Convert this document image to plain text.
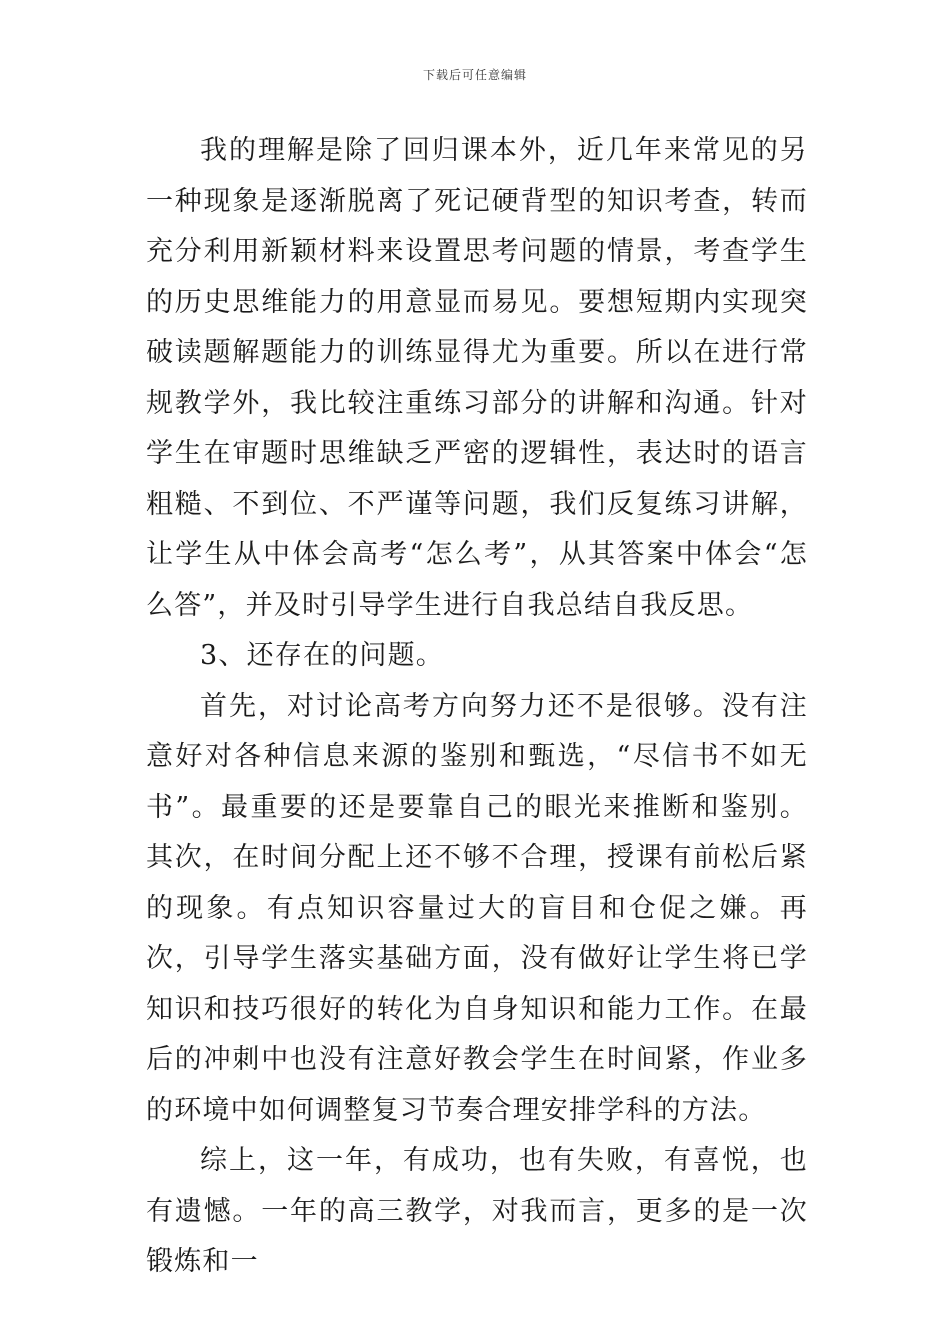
下载后可任意编辑

我的理解是除了回归课本外，近几年来常见的另一种现象是逐渐脱离了死记硬背型的知识考查，转而充分利用新颖材料来设置思考问题的情景，考查学生的历史思维能力的用意显而易见。要想短期内实现突破读题解题能力的训练显得尤为重要。所以在进行常规教学外，我比较注重练习部分的讲解和沟通。针对学生在审题时思维缺乏严密的逻辑性，表达时的语言粗糙、不到位、不严谨等问题，我们反复练习讲解，让学生从中体会高考“怎么考”，从其答案中体会“怎么答”，并及时引导学生进行自我总结自我反思。

3、还存在的问题。

首先，对讨论高考方向努力还不是很够。没有注意好对各种信息来源的鉴别和甄选，“尽信书不如无书”。最重要的还是要靠自己的眼光来推断和鉴别。其次，在时间分配上还不够不合理，授课有前松后紧的现象。有点知识容量过大的盲目和仓促之嫌。再次，引导学生落实基础方面，没有做好让学生将已学知识和技巧很好的转化为自身知识和能力工作。在最后的冲刺中也没有注意好教会学生在时间紧，作业多的环境中如何调整复习节奏合理安排学科的方法。

综上，这一年，有成功，也有失败，有喜悦，也有遗憾。一年的高三教学，对我而言，更多的是一次锻炼和一
